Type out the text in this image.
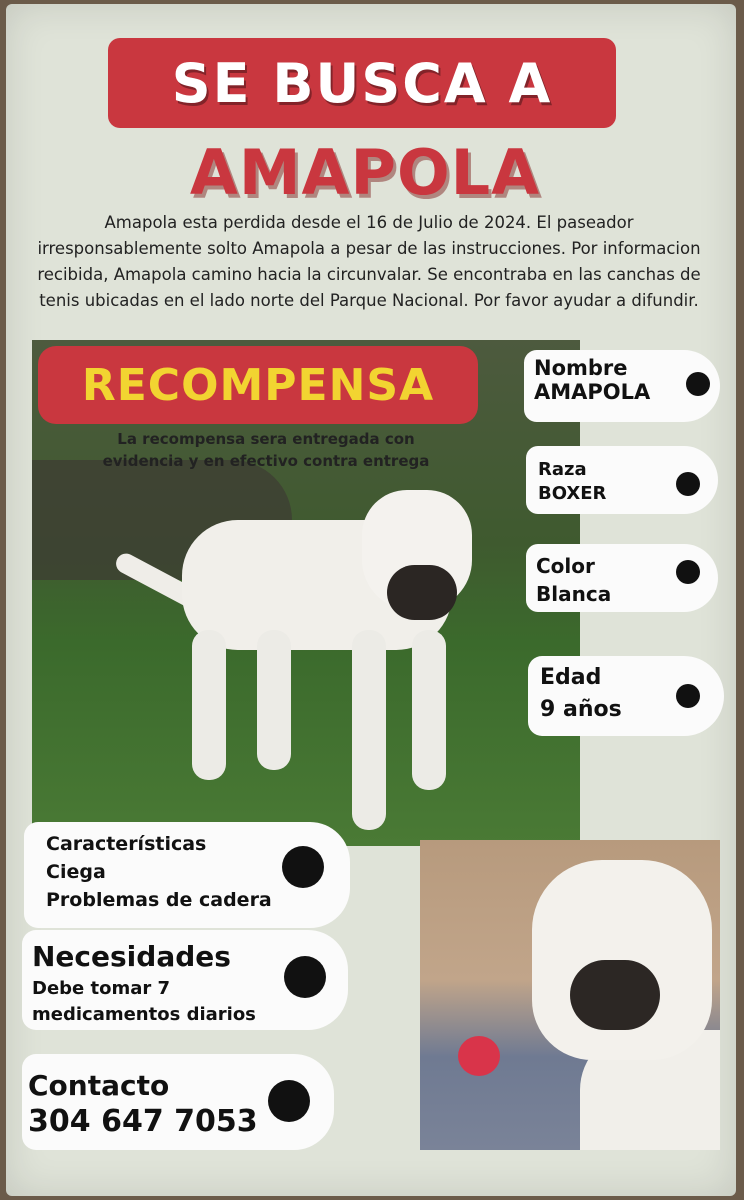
SE BUSCA A
AMAPOLA
Amapola esta perdida desde el 16 de Julio de 2024. El paseador irresponsablemente solto Amapola a pesar de las instrucciones. Por informacion recibida, Amapola camino hacia la circunvalar. Se encontraba en las canchas de tenis ubicadas en el lado norte del Parque Nacional. Por favor ayudar a difundir.
RECOMPENSA
La recompensa sera entregada con
evidencia y en efectivo contra entrega
Nombre
AMAPOLA
Raza
BOXER
Color
Blanca
Edad
9 años
Características
Ciega
Problemas de cadera
Necesidades
Debe tomar 7
medicamentos diarios
Contacto
304 647 7053
